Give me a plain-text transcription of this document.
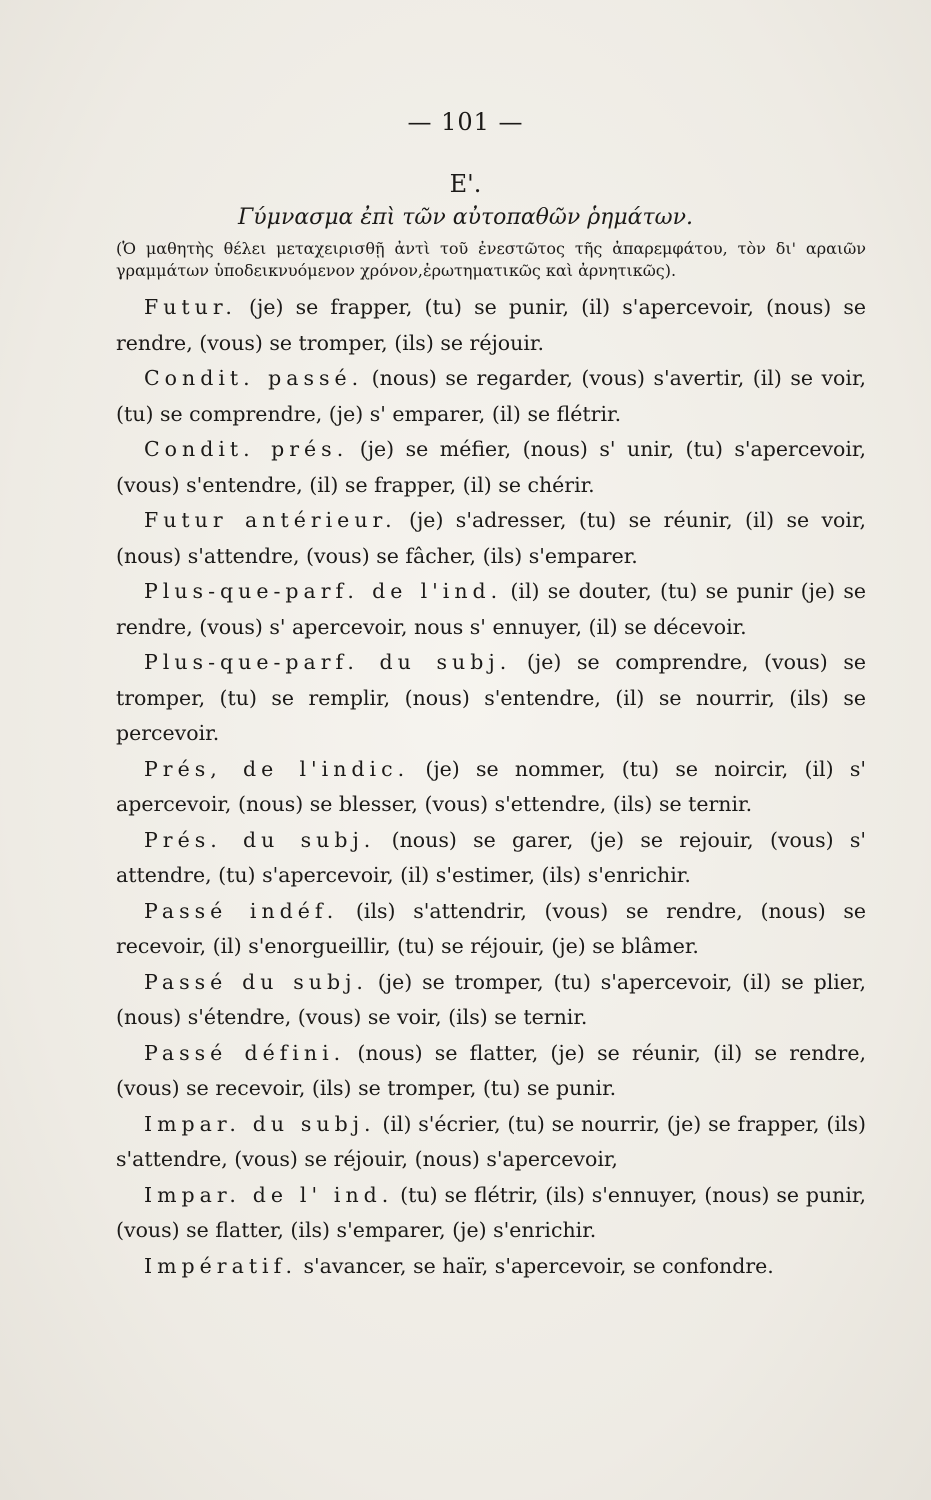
— 101 —
Ε'.
Γύμνασμα ἐπὶ τῶν αὐτοπαθῶν ῥημάτων.
(Ὁ μαθητὴς θέλει μεταχειρισθῇ ἀντὶ τοῦ ἐνεστῶτος τῆς ἀπαρεμφάτου, τὸν δι' αραιῶν γραμμάτων ὑποδεικνυόμενον χρόνον,ἐρωτηματικῶς καὶ ἀρνητικῶς).

Futur. (je) se frapper, (tu) se punir, (il) s'apercevoir, (nous) se rendre, (vous) se tromper, (ils) se réjouir.

Condit. passé. (nous) se regarder, (vous) s'avertir, (il) se voir, (tu) se comprendre, (je) s' emparer, (il) se flétrir.

Condit. prés. (je) se méfier, (nous) s' unir, (tu) s'apercevoir, (vous) s'entendre, (il) se frapper, (il) se chérir.

Futur antérieur. (je) s'adresser, (tu) se réunir, (il) se voir, (nous) s'attendre, (vous) se fâcher, (ils) s'emparer.

Plus-que-parf. de l'ind. (il) se douter, (tu) se punir (je) se rendre, (vous) s' apercevoir, nous s' ennuyer, (il) se décevoir.

Plus-que-parf. du subj. (je) se comprendre, (vous) se tromper, (tu) se remplir, (nous) s'entendre, (il) se nourrir, (ils) se percevoir.

Prés, de l'indic. (je) se nommer, (tu) se noircir, (il) s' apercevoir, (nous) se blesser, (vous) s'ettendre, (ils) se ternir.

Prés. du subj. (nous) se garer, (je) se rejouir, (vous) s' attendre, (tu) s'apercevoir, (il) s'estimer, (ils) s'enrichir.

Passé indéf. (ils) s'attendrir, (vous) se rendre, (nous) se recevoir, (il) s'enorgueillir, (tu) se réjouir, (je) se blâmer.

Passé du subj. (je) se tromper, (tu) s'apercevoir, (il) se plier, (nous) s'étendre, (vous) se voir, (ils) se ternir.

Passé défini. (nous) se flatter, (je) se réunir, (il) se rendre, (vous) se recevoir, (ils) se tromper, (tu) se punir.

Impar. du subj. (il) s'écrier, (tu) se nourrir, (je) se frapper, (ils) s'attendre, (vous) se réjouir, (nous) s'apercevoir,

Impar. de l' ind. (tu) se flétrir, (ils) s'ennuyer, (nous) se punir, (vous) se flatter, (ils) s'emparer, (je) s'enrichir.

Impératif. s'avancer, se haïr, s'apercevoir, se confondre.
